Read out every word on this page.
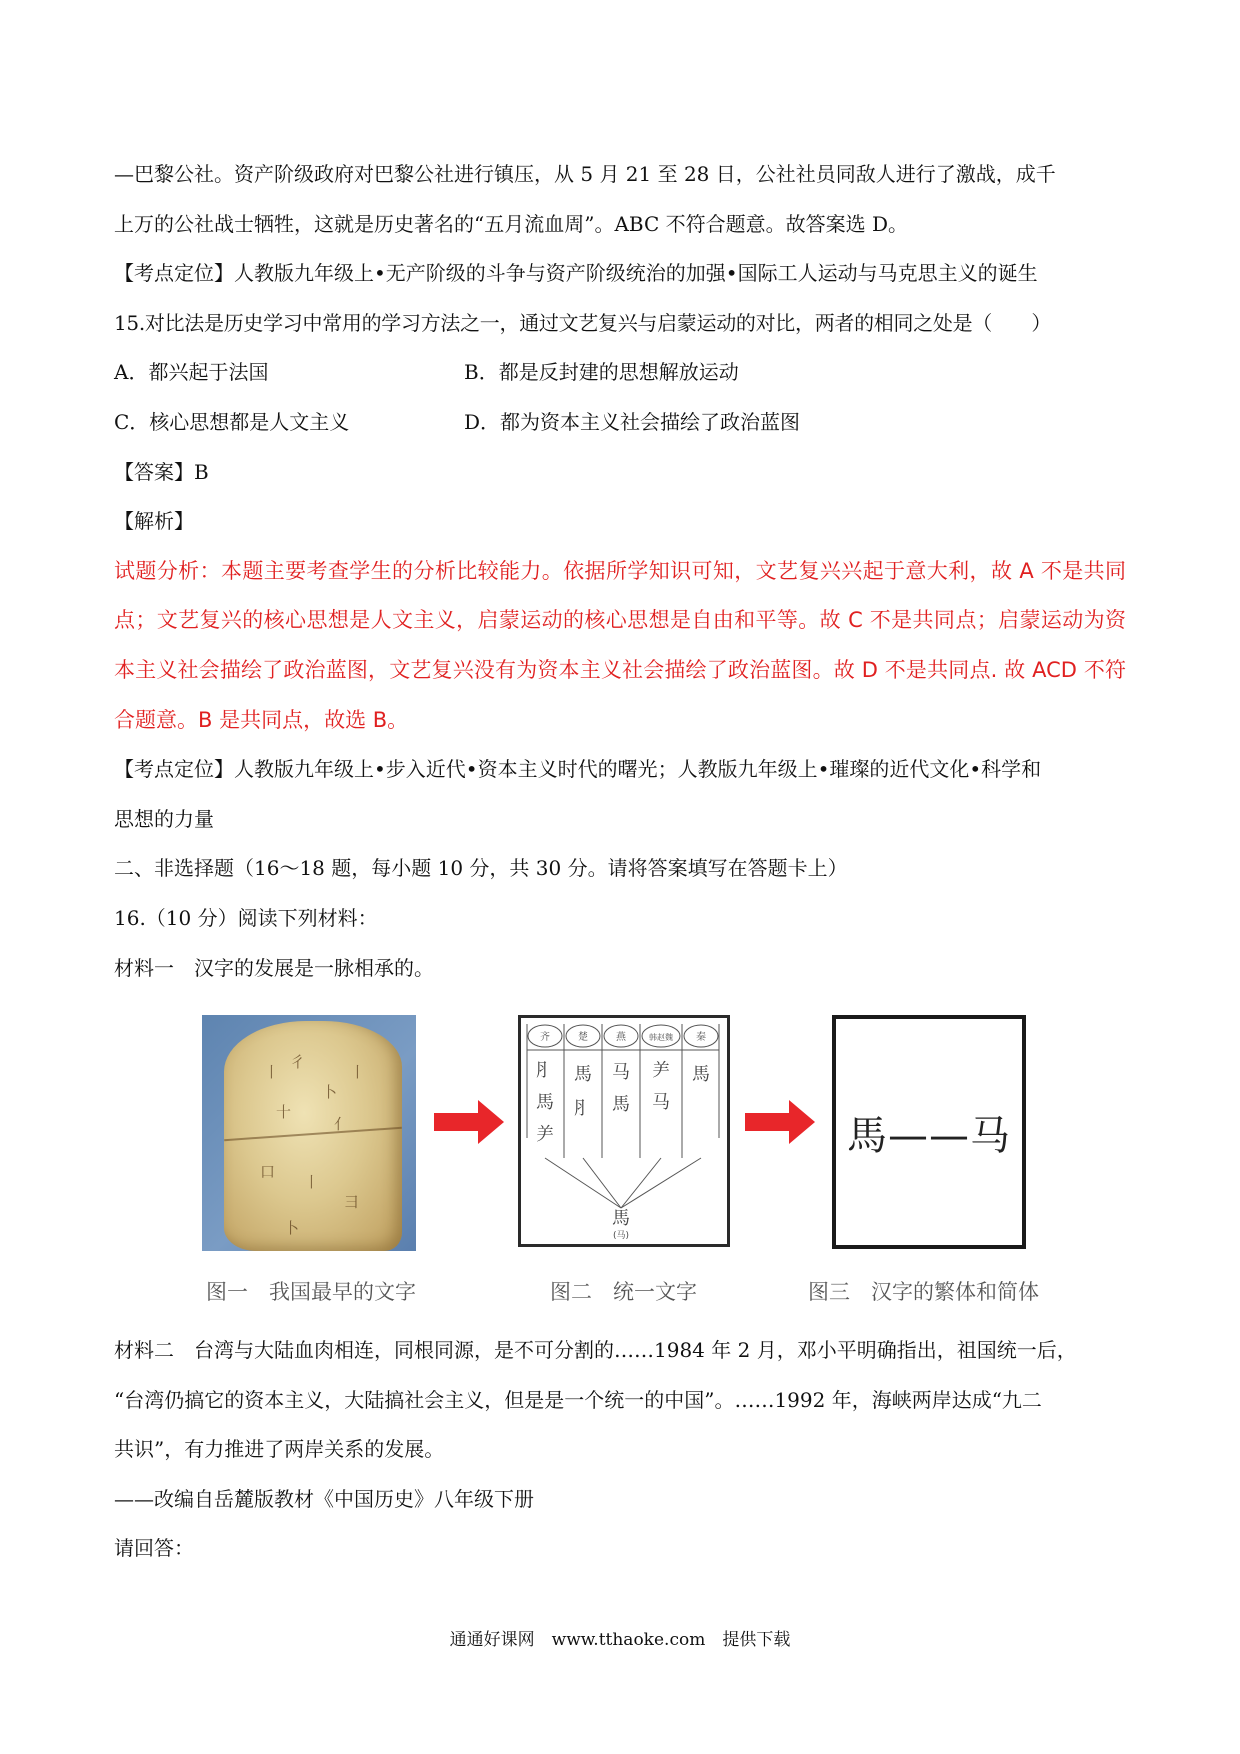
—巴黎公社。资产阶级政府对巴黎公社进行镇压，从 5 月 21 至 28 日，公社社员同敌人进行了激战，成千

上万的公社战士牺牲，这就是历史著名的“五月流血周”。ABC 不符合题意。故答案选 D。

【考点定位】人教版九年级上•无产阶级的斗争与资产阶级统治的加强•国际工人运动与马克思主义的诞生

15.对比法是历史学习中常用的学习方法之一，通过文艺复兴与启蒙运动的对比，两者的相同之处是（　　）

A．都兴起于法国	B．都是反封建的思想解放运动
C．核心思想都是人文主义	D．都为资本主义社会描绘了政治蓝图

【答案】B

【解析】

试题分析：本题主要考查学生的分析比较能力。依据所学知识可知，文艺复兴兴起于意大利，故 A 不是共同点；文艺复兴的核心思想是人文主义，启蒙运动的核心思想是自由和平等。故 C 不是共同点；启蒙运动为资本主义社会描绘了政治蓝图，文艺复兴没有为资本主义社会描绘了政治蓝图。故 D 不是共同点. 故 ACD 不符合题意。B 是共同点，故选 B。

【考点定位】人教版九年级上•步入近代•资本主义时代的曙光；人教版九年级上•璀璨的近代文化•科学和

思想的力量

二、非选择题（16～18 题，每小题 10 分，共 30 分。请将答案填写在答题卡上）

16.（10 分）阅读下列材料：

材料一　汉字的发展是一脉相承的。

丨
彳
卜
丨
十
亻
口
丨
彐
卜
齐	楚	燕	韩赵魏 秦
⺼
⾺
⺶
⾺
⺼
⻢
⾺
⺶
⻢
⾺
⾺
(马)
馬——马
图一　我国最早的文字	图二　统一文字	图三　汉字的繁体和简体

材料二　台湾与大陆血肉相连，同根同源，是不可分割的……1984 年 2 月，邓小平明确指出，祖国统一后，

“台湾仍搞它的资本主义，大陆搞社会主义，但是是一个统一的中国”。……1992 年，海峡两岸达成“九二

共识”，有力推进了两岸关系的发展。

——改编自岳麓版教材《中国历史》八年级下册

请回答：

通通好课网　www.tthaoke.com　提供下载
